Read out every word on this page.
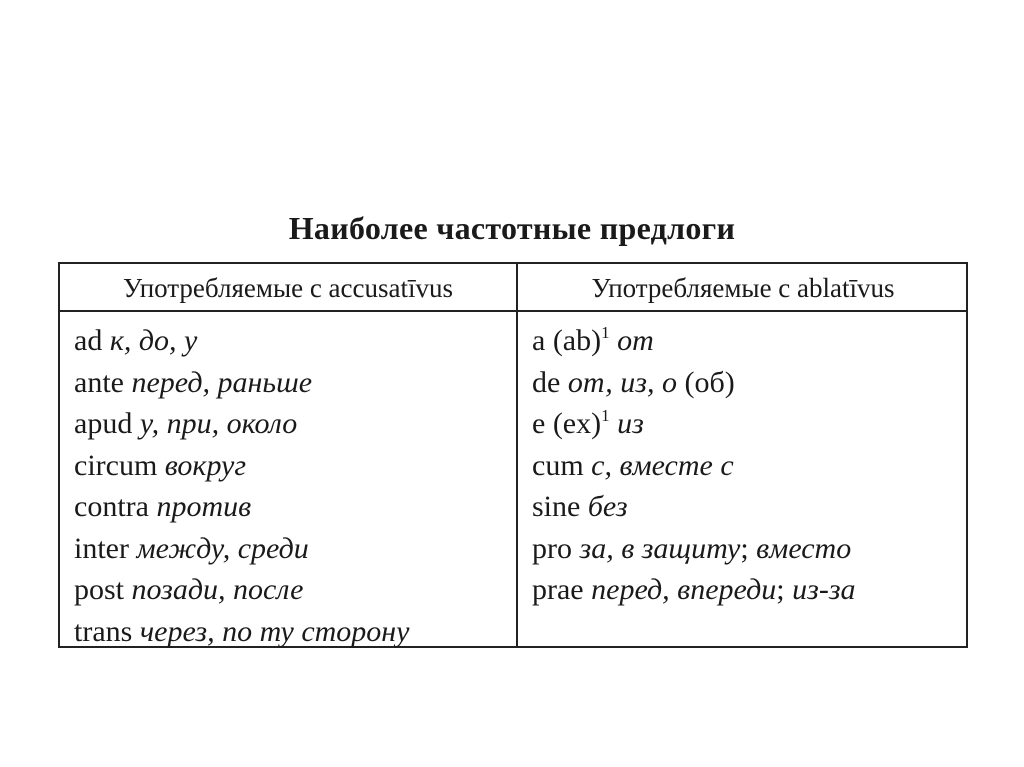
Наиболее частотные предлоги
Употребляемые с accusatīvus	Употребляемые с ablatīvus
ad к, до, у
ante перед, раньше
apud у, при, около
circum вокруг
contra против
inter между, среди
post позади, после
trans через, по ту сторону
a (ab)$^1$ от
de от, из, о (об)
e (ex)$^1$ из
cum с, вместе с
sine без
pro за, в защиту; вместо
prae перед, впереди; из-за
